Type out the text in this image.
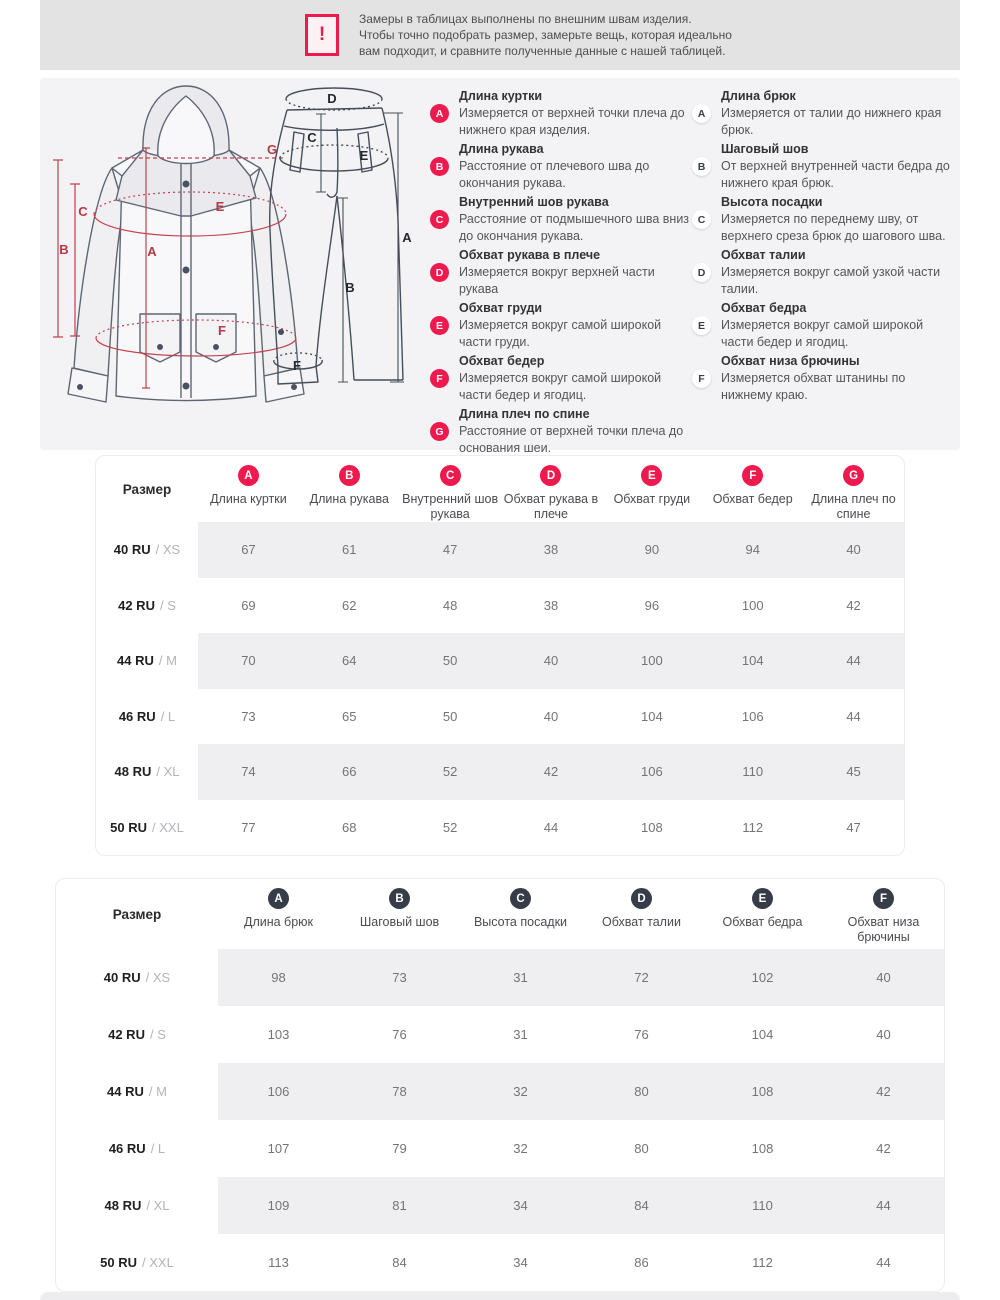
!
Замеры в таблицах выполнены по внешним швам изделия.
Чтобы точно подобрать размер, замерьте вещь, которая идеально
вам подходит, и сравните полученные данные с нашей таблицей.
A
B
C	E
F
G
A
B
C
D
E
F
A
Длина куртки
Измеряется от верхней точки плеча до нижнего края изделия.
B
Длина рукава
Расстояние от плечевого шва до окончания рукава.
C
Внутренний шов рукава
Расстояние от подмышечного шва вниз до окончания рукава.
D
Обхват рукава в плече
Измеряется вокруг верхней части рукава
E
Обхват груди
Измеряется вокруг самой широкой части груди.
F
Обхват бедер
Измеряется вокруг самой широкой части бедер и ягодиц.
G
Длина плеч по спине
Расстояние от верхней точки плеча до основания шеи.
A
Длина брюк
Измеряется от талии до нижнего края брюк.
B
Шаговый шов
От верхней внутренней части бедра до нижнего края брюк.
C
Высота посадки
Измеряется по переднему шву, от верхнего среза брюк до шагового шва.
D
Обхват талии
Измеряется вокруг самой узкой части талии.
E
Обхват бедра
Измеряется вокруг самой широкой части бедер и ягодиц.
F
Обхват низа брючины
Измеряется обхват штанины по нижнему краю.
Размер
A
Длина куртки
B
Длина рукава
C
Внутренний шов рукава
D
Обхват рукава в плече
E
Обхват груди
F
Обхват бедер
G
Длина плеч по спине
40 RU / XS	67	61	47	38	90	94	40
42 RU / S	69	62	48	38	96	100	42
44 RU / M	70	64	50	40	100	104	44
46 RU / L	73	65	50	40	104	106	44
48 RU / XL	74	66	52	42	106	110	45
50 RU / XXL	77	68	52	44	108	112	47
Размер
A
Длина брюк
B
Шаговый шов
C
Высота посадки
D
Обхват талии
E
Обхват бедра
F
Обхват низа брючины
40 RU / XS	98	73	31	72	102	40
42 RU / S	103	76	31	76	104	40
44 RU / M	106	78	32	80	108	42
46 RU / L	107	79	32	80	108	42
48 RU / XL	109	81	34	84	110	44
50 RU / XXL	113	84	34	86	112	44
